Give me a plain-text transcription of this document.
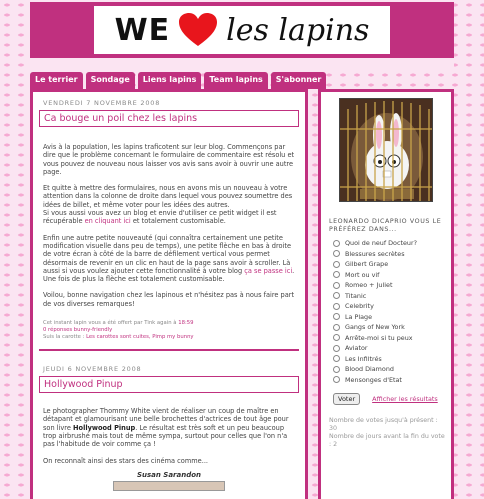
WE les lapins
Le terrier	Sondage	Liens lapins	Team lapins	S'abonner
VENDREDI 7 NOVEMBRE 2008
Ca bouge un poil chez les lapins

Avis à la population, les lapins traficotent sur leur blog. Commençons par dire que le problème concernant le formulaire de commentaire est résolu et vous pouvez de nouveau nous laisser vos avis sans avoir à ouvrir une autre page.

Et quitte à mettre des formulaires, nous en avons mis un nouveau à votre attention dans la colonne de droite dans lequel vous pouvez soumettre des idées de billet, et même voter pour les idées des autres.

Si vous aussi vous avez un blog et envie d'utiliser ce petit widget il est récupérable en cliquant ici et totalement customisable.

Enfin une autre petite nouveauté (qui connaîtra certainement une petite modification visuelle dans peu de temps), une petite flèche en bas à droite de votre écran à côté de la barre de défilement vertical vous permet désormais de revenir en un clic en haut de la page sans avoir à scroller. Là aussi si vous voulez ajouter cette fonctionnalité à votre blog ça se passe ici. Une fois de plus la flèche est totalement customisable.

Voilou, bonne navigation chez les lapinous et n'hésitez pas à nous faire part de vos diverses remarques!

Cet instant lapin vous a été offert par Tink again à 18:59

0 réponses bunny-friendly

Suis la carotte : Les carottes sont cuites, Pimp my bunny

JEUDI 6 NOVEMBRE 2008
Hollywood Pinup

Le photographer Thommy White vient de réaliser un coup de maître en détapant et glamourisant une belle brochettes d'actrices de tout âge pour son livre Hollywood Pinup. Le résultat est très soft et un peu beaucoup trop airbrushé mais tout de même sympa, surtout pour celles que l'on n'a pas l'habitude de voir comme ça !

On reconnaît ainsi des stars des cinéma comme...

Susan Sarandon
LEONARDO DICAPRIO VOUS LE PRÉFÉREZ DANS...
Quoi de neuf Docteur?
Blessures secrètes
Gilbert Grape
Mort ou vif
Romeo + Juliet
Titanic
Celebrity
La Plage
Gangs of New York
Arrête-moi si tu peux
Aviator
Les Infiltrés
Blood Diamond
Mensonges d'Etat
Voter	Afficher les résultats
Nombre de votes jusqu'à présent : 30
Nombre de jours avant la fin du vote : 2
